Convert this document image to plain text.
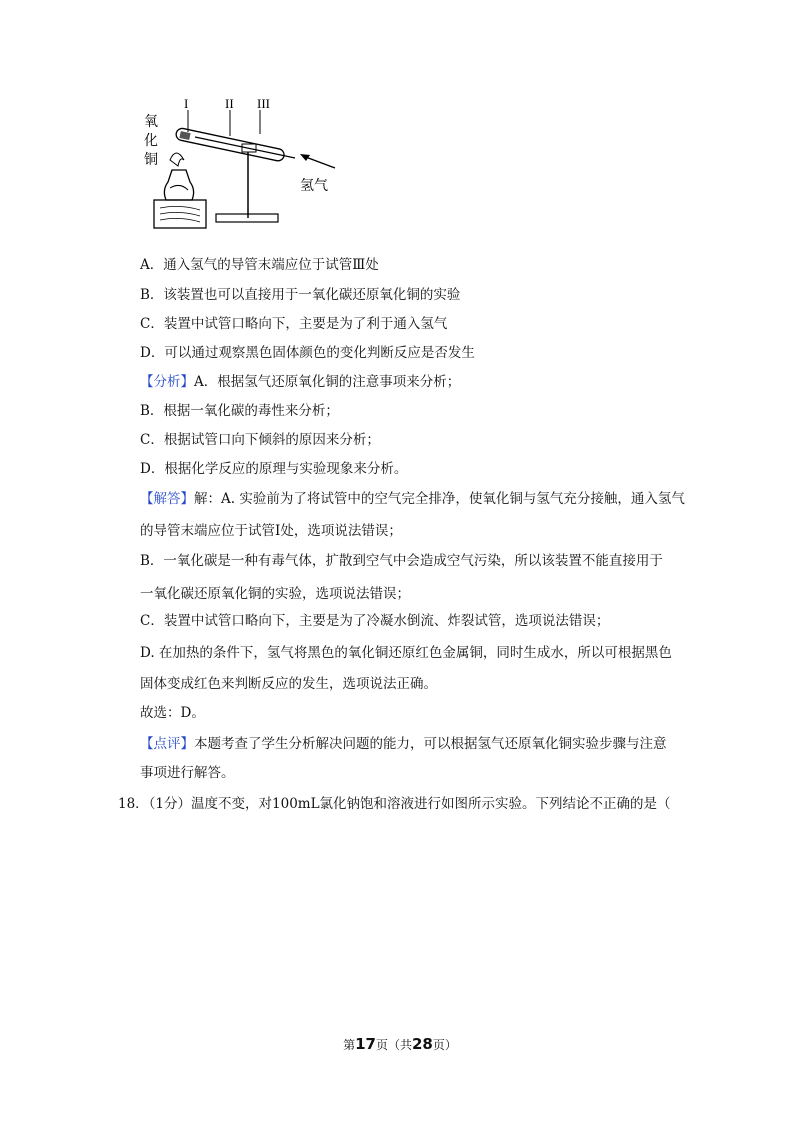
I	II III
氧
化
铜
氢气
A．通入氢气的导管末端应位于试管Ⅲ处
B．该装置也可以直接用于一氧化碳还原氧化铜的实验
C．装置中试管口略向下，主要是为了利于通入氢气
D．可以通过观察黑色固体颜色的变化判断反应是否发生
【分析】A．根据氢气还原氧化铜的注意事项来分析；
B．根据一氧化碳的毒性来分析；
C．根据试管口向下倾斜的原因来分析；
D．根据化学反应的原理与实验现象来分析。
【解答】解：A. 实验前为了将试管中的空气完全排净，使氧化铜与氢气充分接触，通入氢气
的导管末端应位于试管Ⅰ处，选项说法错误；
B．一氧化碳是一种有毒气体，扩散到空气中会造成空气污染，所以该装置不能直接用于
一氧化碳还原氧化铜的实验，选项说法错误；
C．装置中试管口略向下，主要是为了冷凝水倒流、炸裂试管，选项说法错误；
D. 在加热的条件下，氢气将黑色的氧化铜还原红色金属铜，同时生成水，所以可根据黑色
固体变成红色来判断反应的发生，选项说法正确。
故选：D。
【点评】本题考查了学生分析解决问题的能力，可以根据氢气还原氧化铜实验步骤与注意
事项进行解答。
18．（1分）温度不变，对100mL氯化钠饱和溶液进行如图所示实验。下列结论不正确的是（
第17页（共28页）
